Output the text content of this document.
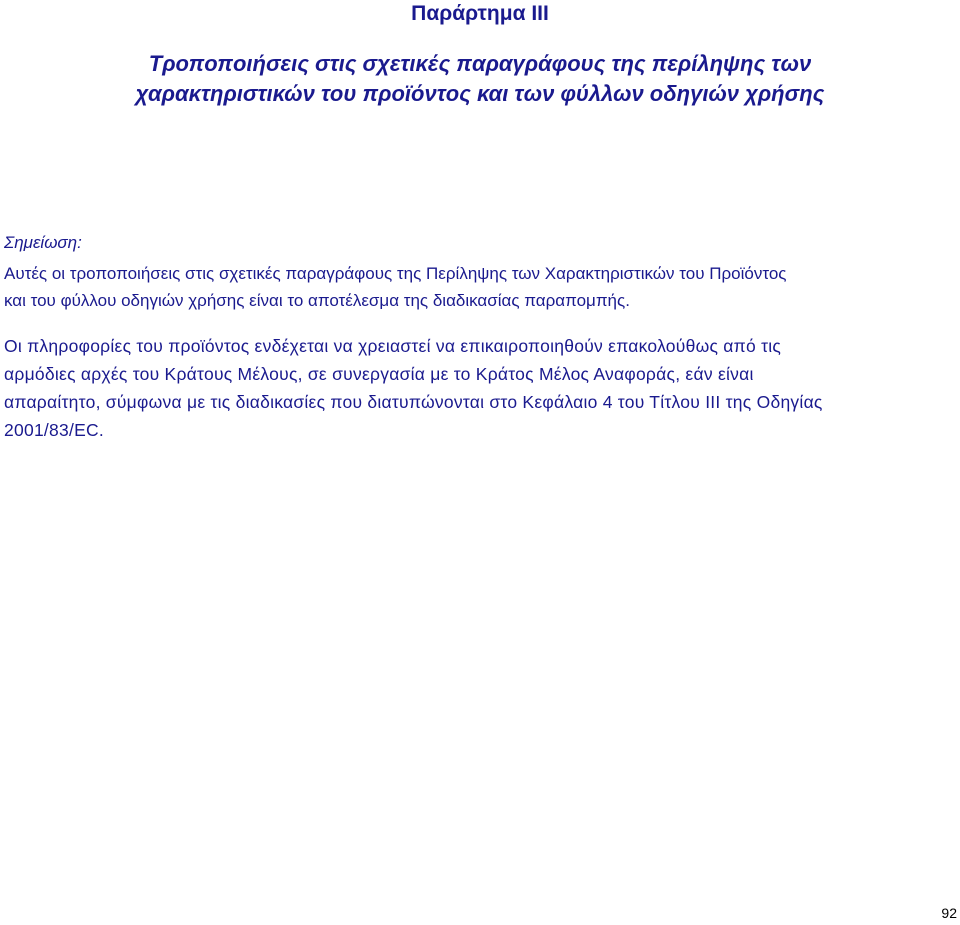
Παράρτημα III
Τροποποιήσεις στις σχετικές παραγράφους της περίληψης των
χαρακτηριστικών του προϊόντος και των φύλλων οδηγιών χρήσης

Σημείωση:

Αυτές οι τροποποιήσεις στις σχετικές παραγράφους της Περίληψης των Χαρακτηριστικών του Προϊόντος
και του φύλλου οδηγιών χρήσης είναι το αποτέλεσμα της διαδικασίας παραπομπής.

Οι πληροφορίες του προϊόντος ενδέχεται να χρειαστεί να επικαιροποιηθούν επακολούθως από τις
αρμόδιες αρχές του Κράτους Μέλους, σε συνεργασία με το Κράτος Μέλος Αναφοράς, εάν είναι
απαραίτητο, σύμφωνα με τις διαδικασίες που διατυπώνονται στο Κεφάλαιο 4 του Τίτλου III της Οδηγίας
2001/83/ΕC.

92
